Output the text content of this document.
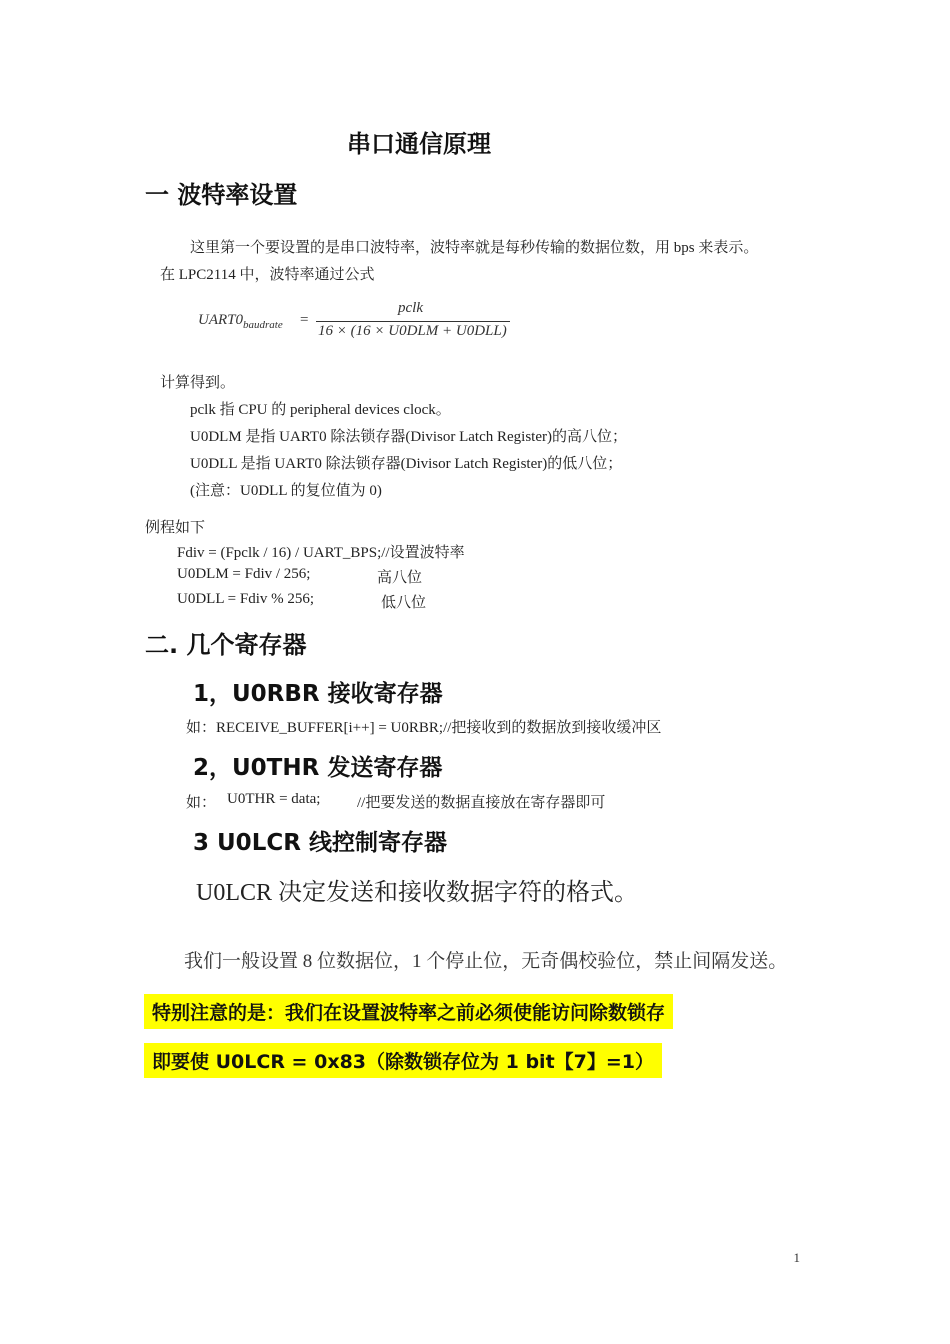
串口通信原理
一 波特率设置
这里第一个要设置的是串口波特率，波特率就是每秒传输的数据位数，用 bps 来表示。
在 LPC2114 中，波特率通过公式
$UART0_{baudrate}$ =
pclk
16 × (16 × U0DLM + U0DLL)
计算得到。
pclk 指 CPU 的 peripheral devices clock。
U0DLM 是指 UART0 除法锁存器(Divisor Latch Register)的高八位；
U0DLL 是指 UART0 除法锁存器(Divisor Latch Register)的低八位；
(注意：U0DLL 的复位值为 0)
例程如下
Fdiv = (Fpclk / 16) / UART_BPS;//设置波特率
U0DLM = Fdiv / 256;	高八位
U0DLL = Fdiv % 256;	低八位
二. 几个寄存器
1，U0RBR 接收寄存器
如：RECEIVE_BUFFER[i++] = U0RBR;//把接收到的数据放到接收缓冲区
2，U0THR 发送寄存器
如： U0THR = data; //把要发送的数据直接放在寄存器即可
3 U0LCR 线控制寄存器
U0LCR 决定发送和接收数据字符的格式。
我们一般设置 8 位数据位，1 个停止位，无奇偶校验位，禁止间隔发送。
特别注意的是：我们在设置波特率之前必须使能访问除数锁存
即要使 U0LCR = 0x83（除数锁存位为 1 bit【7】=1）
1
